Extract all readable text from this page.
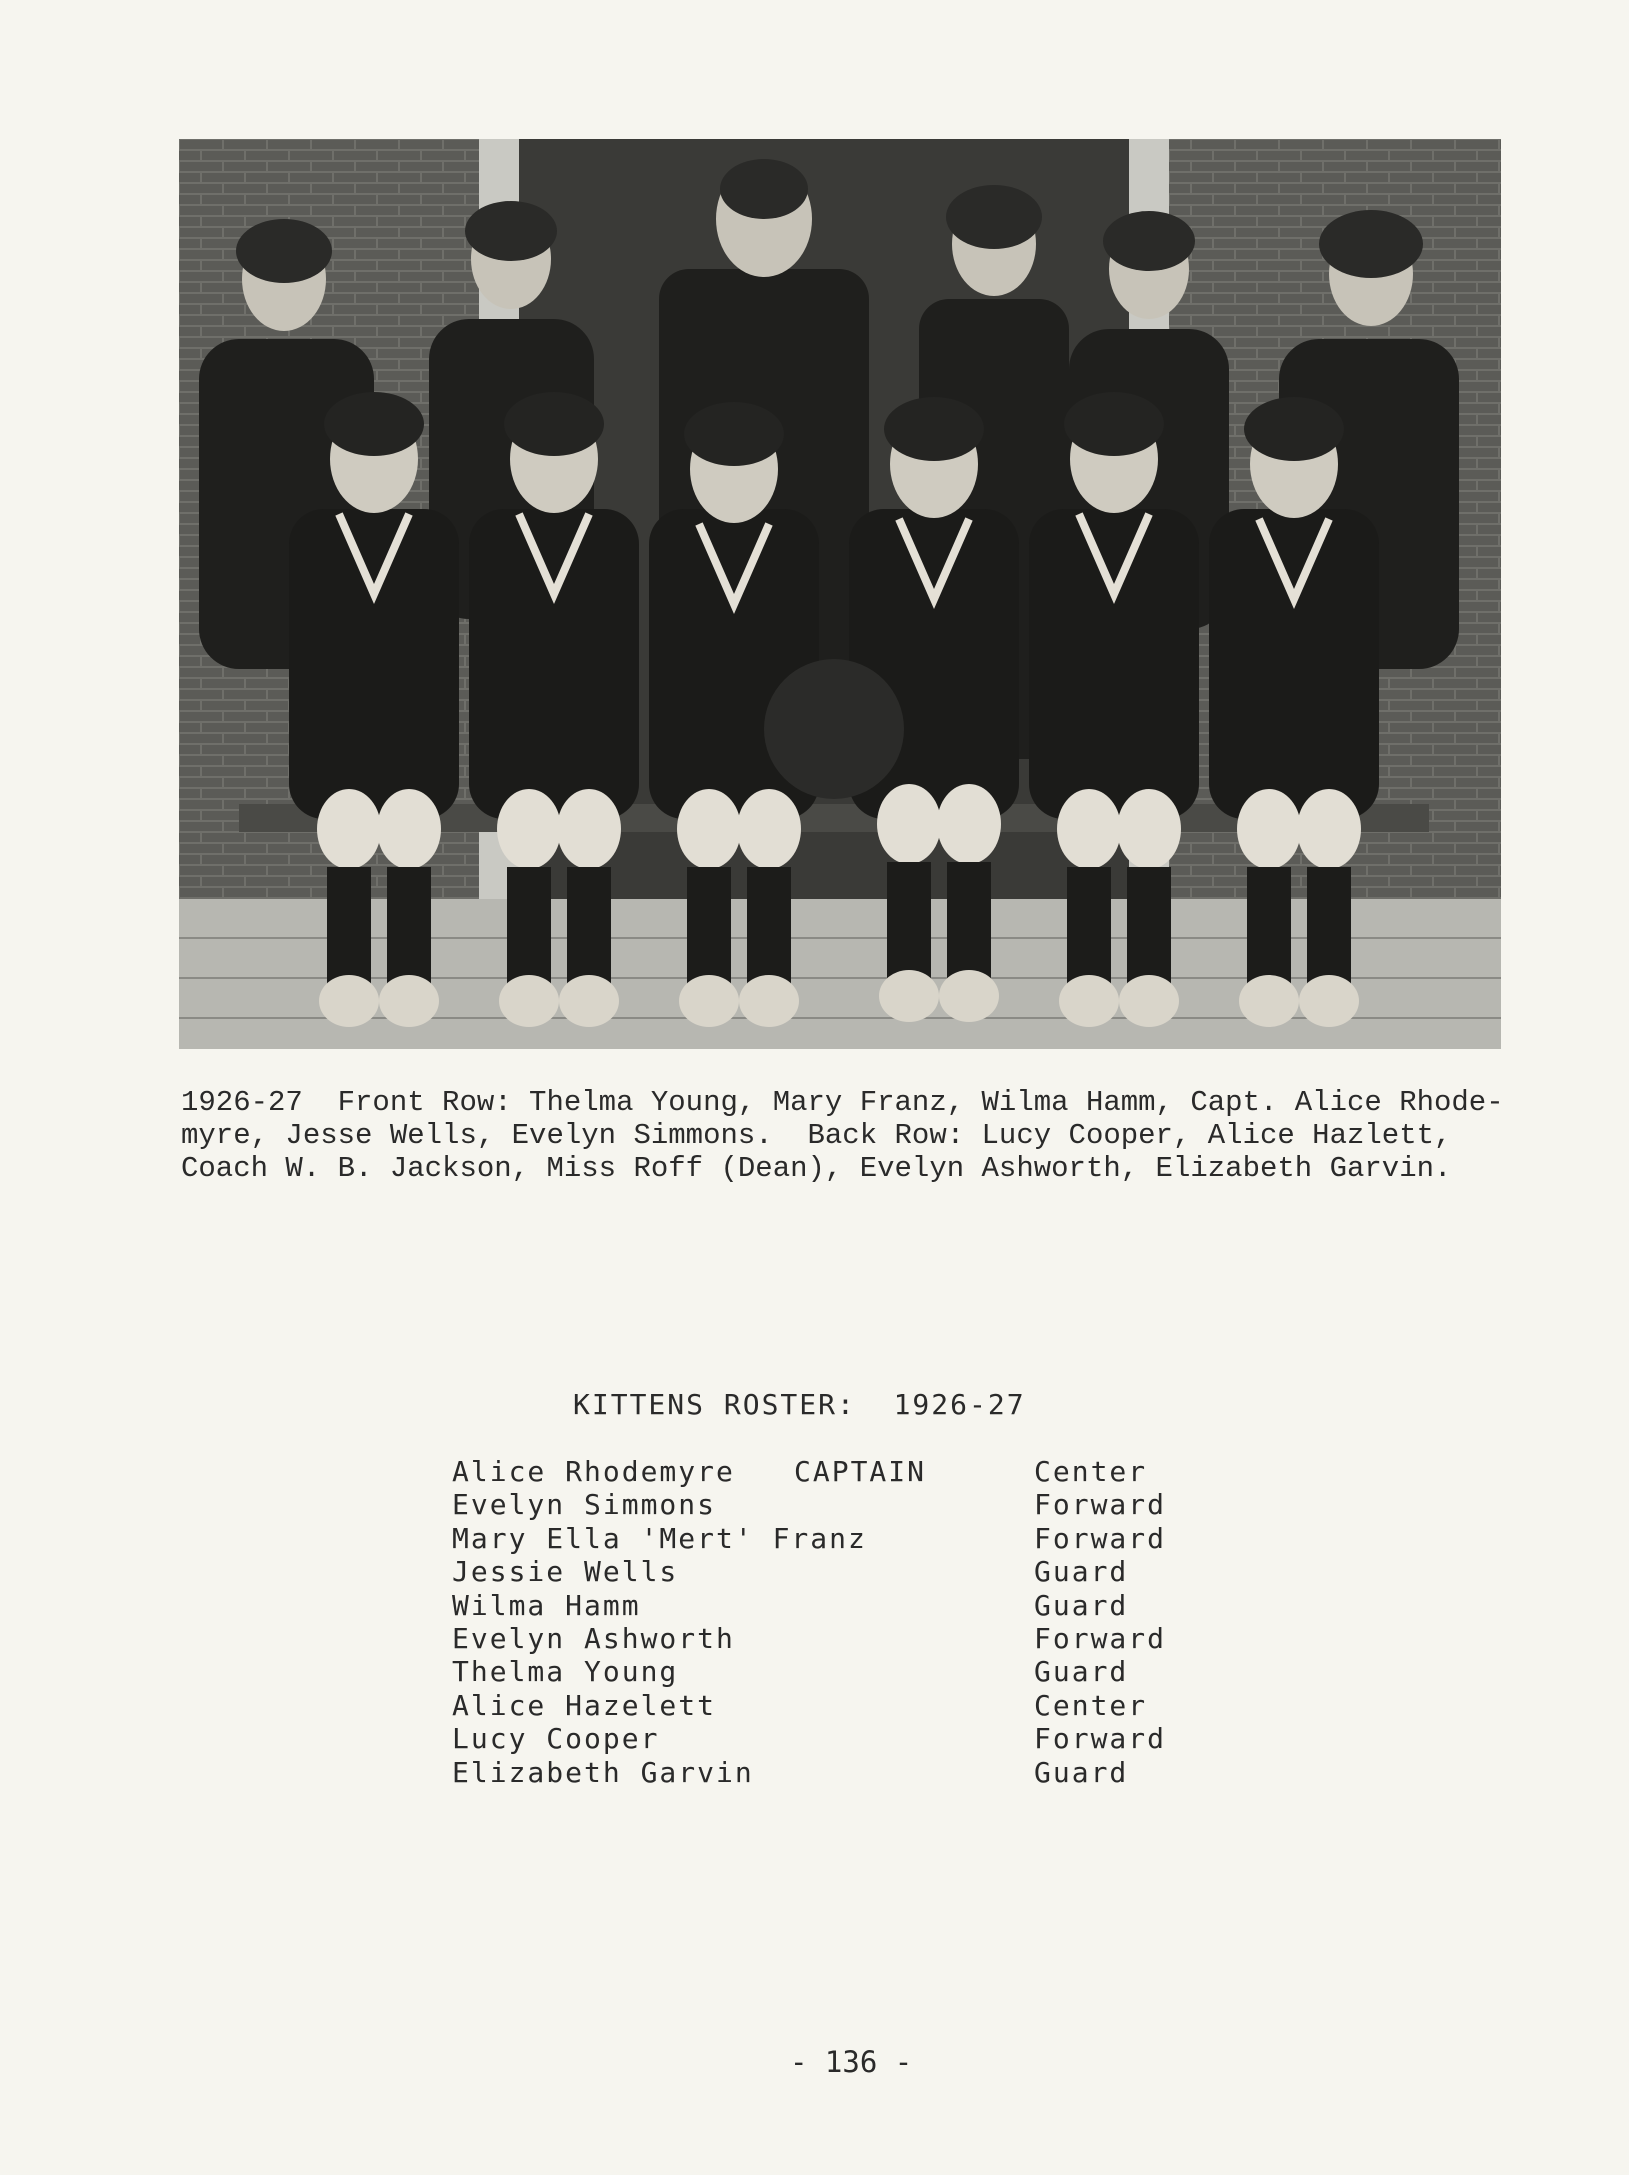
1926-27  Front Row: Thelma Young, Mary Franz, Wilma Hamm, Capt. Alice Rhode-
myre, Jesse Wells, Evelyn Simmons.  Back Row: Lucy Cooper, Alice Hazlett,
Coach W. B. Jackson, Miss Roff (Dean), Evelyn Ashworth, Elizabeth Garvin.
KITTENS ROSTER:  1926-27
Alice Rhodemyre CAPTAIN	Center
Evelyn Simmons	Forward
Mary Ella 'Mert' Franz	Forward
Jessie Wells	Guard
Wilma Hamm	Guard
Evelyn Ashworth	Forward
Thelma Young	Guard
Alice Hazelett	Center
Lucy Cooper	Forward
Elizabeth Garvin	Guard
- 136 -
